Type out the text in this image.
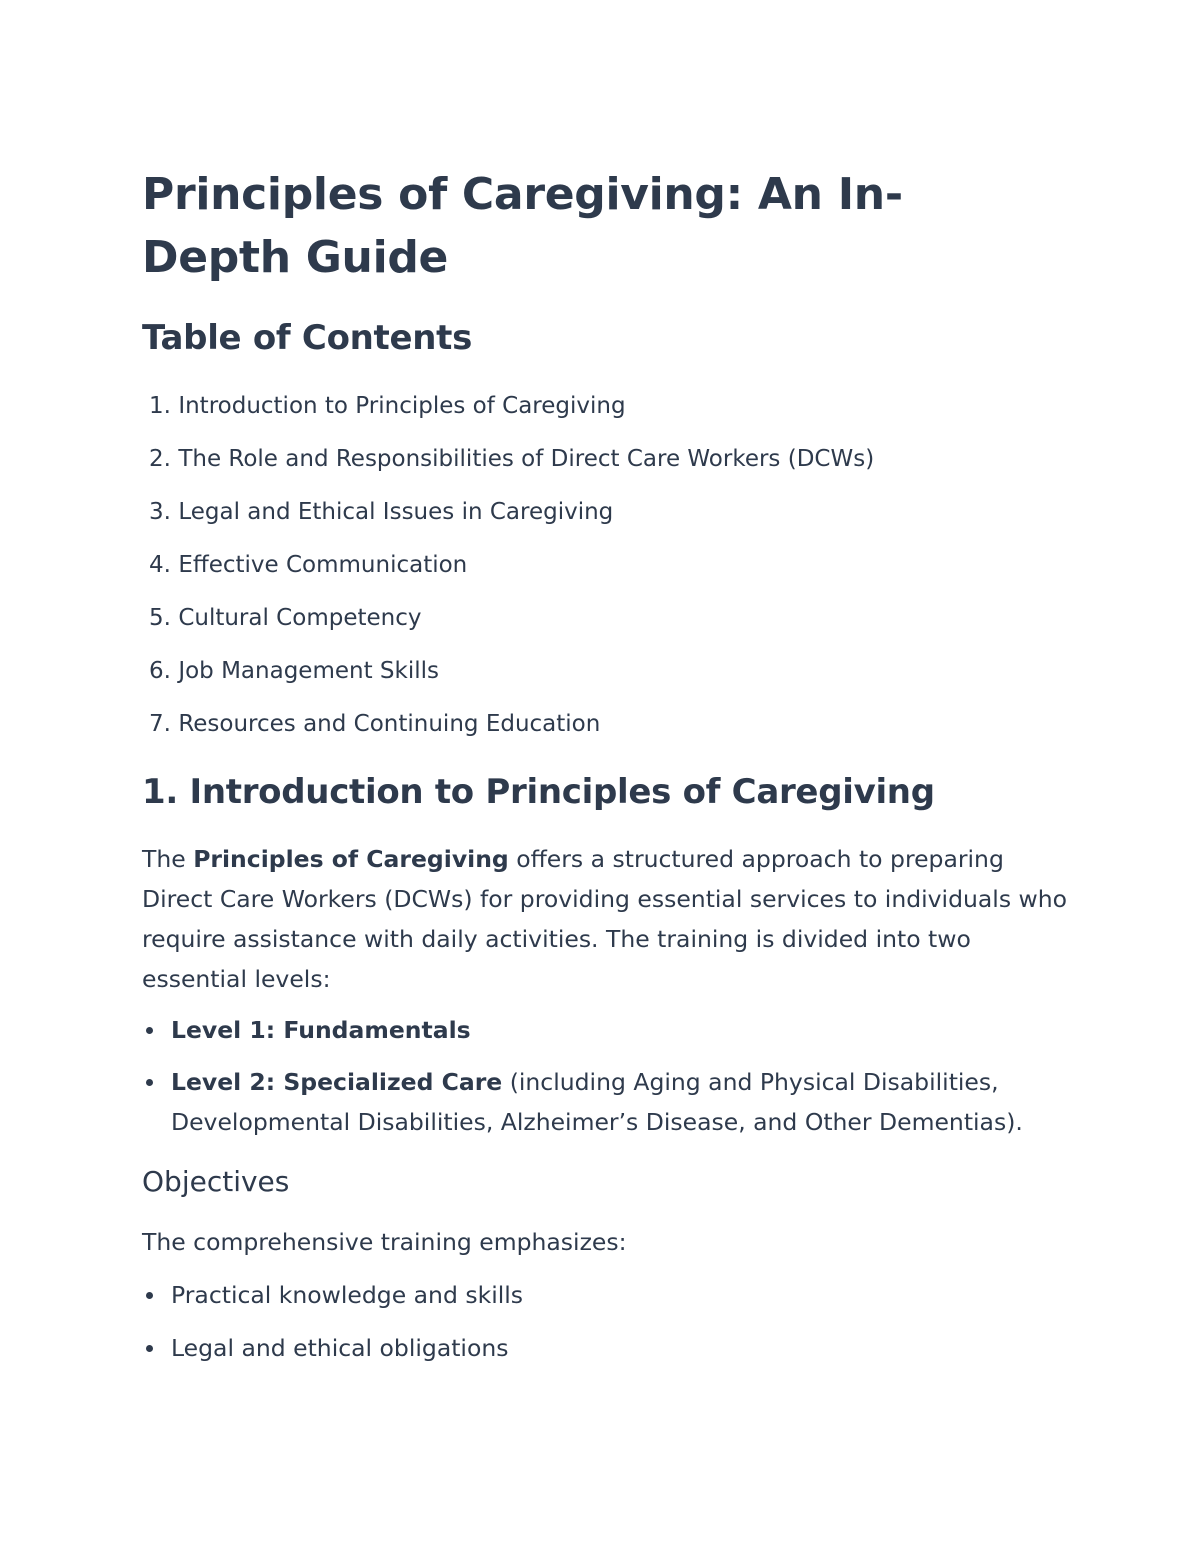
Principles of Caregiving: An In-Depth Guide
Table of Contents
1. Introduction to Principles of Caregiving
2. The Role and Responsibilities of Direct Care Workers (DCWs)
3. Legal and Ethical Issues in Caregiving
4. Effective Communication
5. Cultural Competency
6. Job Management Skills
7. Resources and Continuing Education
1. Introduction to Principles of Caregiving

The Principles of Caregiving offers a structured approach to preparing Direct Care Workers (DCWs) for providing essential services to individuals who require assistance with daily activities. The training is divided into two essential levels:

Level 1: Fundamentals
Level 2: Specialized Care (including Aging and Physical Disabilities, Developmental Disabilities, Alzheimer’s Disease, and Other Dementias).
Objectives

The comprehensive training emphasizes:

Practical knowledge and skills
Legal and ethical obligations
